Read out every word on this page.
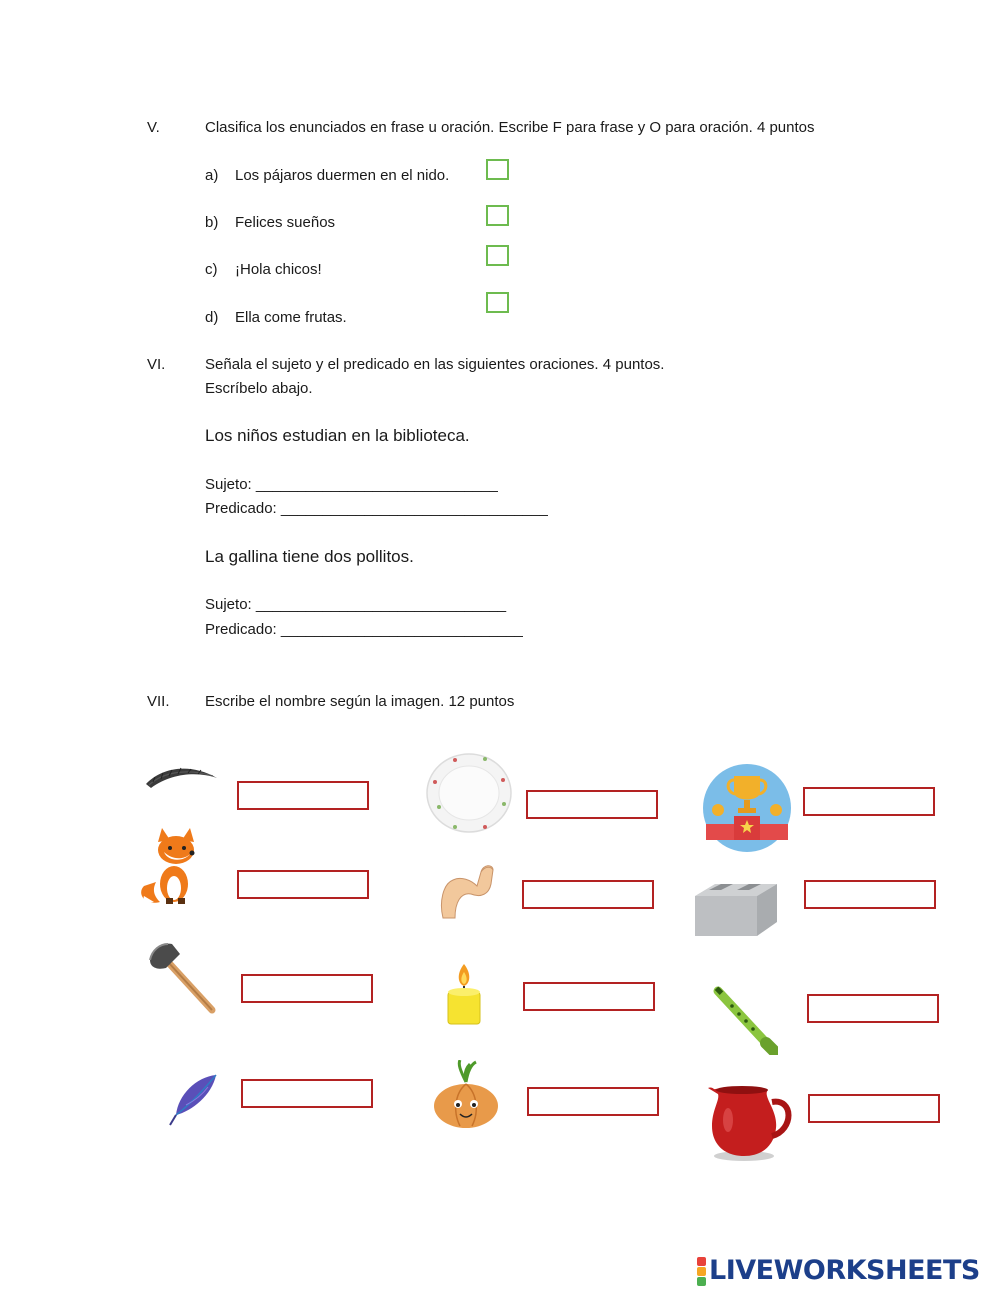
V.	Clasifica los enunciados en frase u oración. Escribe F para frase y O para oración. 4 puntos
a) Los pájaros duermen en el nido.
b) Felices sueños
c) ¡Hola chicos!
d) Ella come frutas.
VI.	Señala el sujeto y el predicado en las siguientes oraciones. 4 puntos.
Escríbelo abajo.
Los niños estudian en la biblioteca.
Sujeto: _____________________________
Predicado: ________________________________
La gallina tiene dos pollitos.
Sujeto: ______________________________
Predicado: _____________________________
VII. Escribe el nombre según la imagen. 12 puntos
LIVEWORKSHEETS
